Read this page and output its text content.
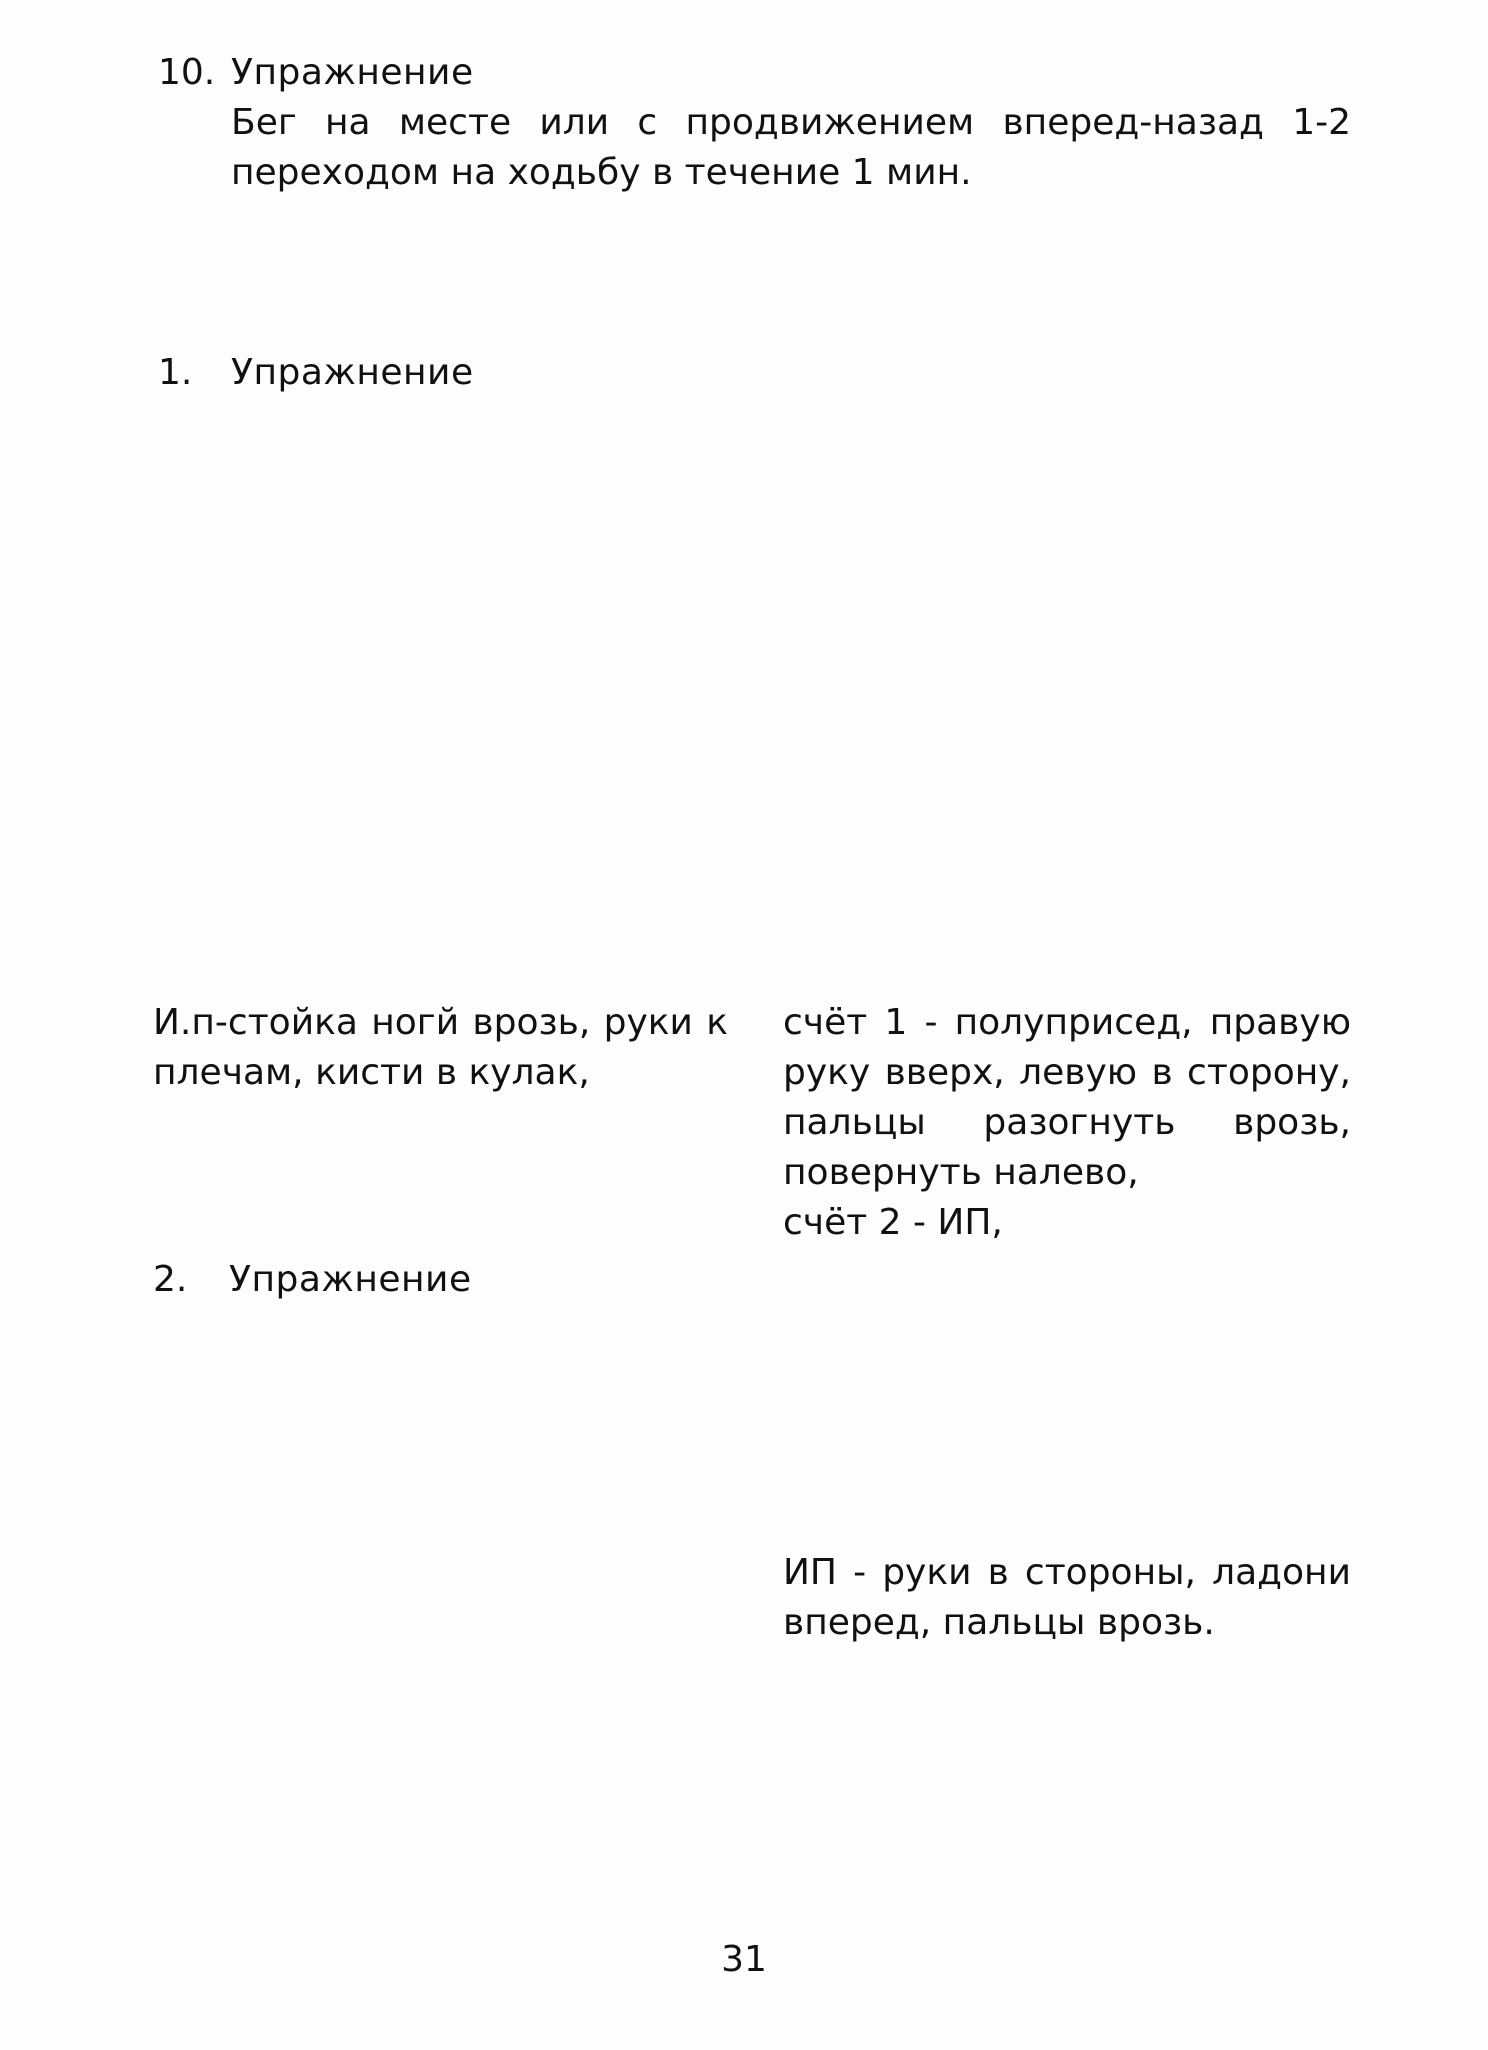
10. Упражнение
Бег на месте или с продвижением вперед-назад 1-2
переходом на ходьбу в течение 1 мин.
1. Упражнение
И.п-стойка ногй врозь, руки к
плечам, кисти в кулак,
счёт 1 - полуприсед, правую
руку вверх, левую в сторону,
пальцы разогнуть врозь,
повернуть налево,
счёт 2 - ИП,
2. Упражнение
ИП - руки в стороны, ладони
вперед, пальцы врозь.
31
